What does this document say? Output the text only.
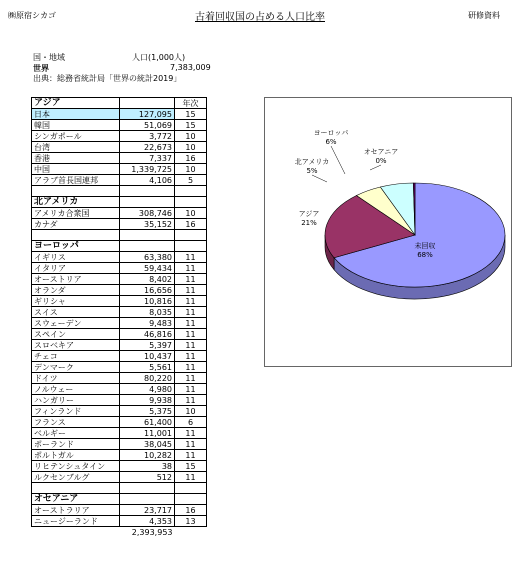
㈱原宿シカゴ	古着回収国の占める人口比率	研修資料
国・地域	人口(1,000人)
世界	7,383,009
出典：総務省統計局「世界の統計2019」
アジア		年次
日本	127,095	15
韓国	51,069	15
シンガポール	3,772	10
台湾	22,673	10
香港	7,337	16
中国	1,339,725	10
アラブ首長国連邦	4,106	5

北アメリカ		
アメリカ合衆国	308,746	10
カナダ	35,152	16

ヨーロッパ		
イギリス	63,380	11
イタリア	59,434	11
オーストリア	8,402	11
オランダ	16,656	11
ギリシャ	10,816	11
スイス	8,035	11
スウェーデン	9,483	11
スペイン	46,816	11
スロベキア	5,397	11
チェコ	10,437	11
デンマーク	5,561	11
ドイツ	80,220	11
ノルウェー	4,980	11
ハンガリー	9,938	11
フィンランド	5,375	10
フランス	61,400	6
ベルギー	11,001	11
ポーランド	38,045	11
ポルトガル	10,282	11
リヒテンシュタイン	38	15
ルクセンブルグ	512	11

オセアニア		
オーストラリア	23,717	16
ニュージーランド	4,353	13
	2,393,953	
未回収
68%
アジア
21%
北アメリカ
5%
ヨーロッパ
6%
オセアニア
0%
